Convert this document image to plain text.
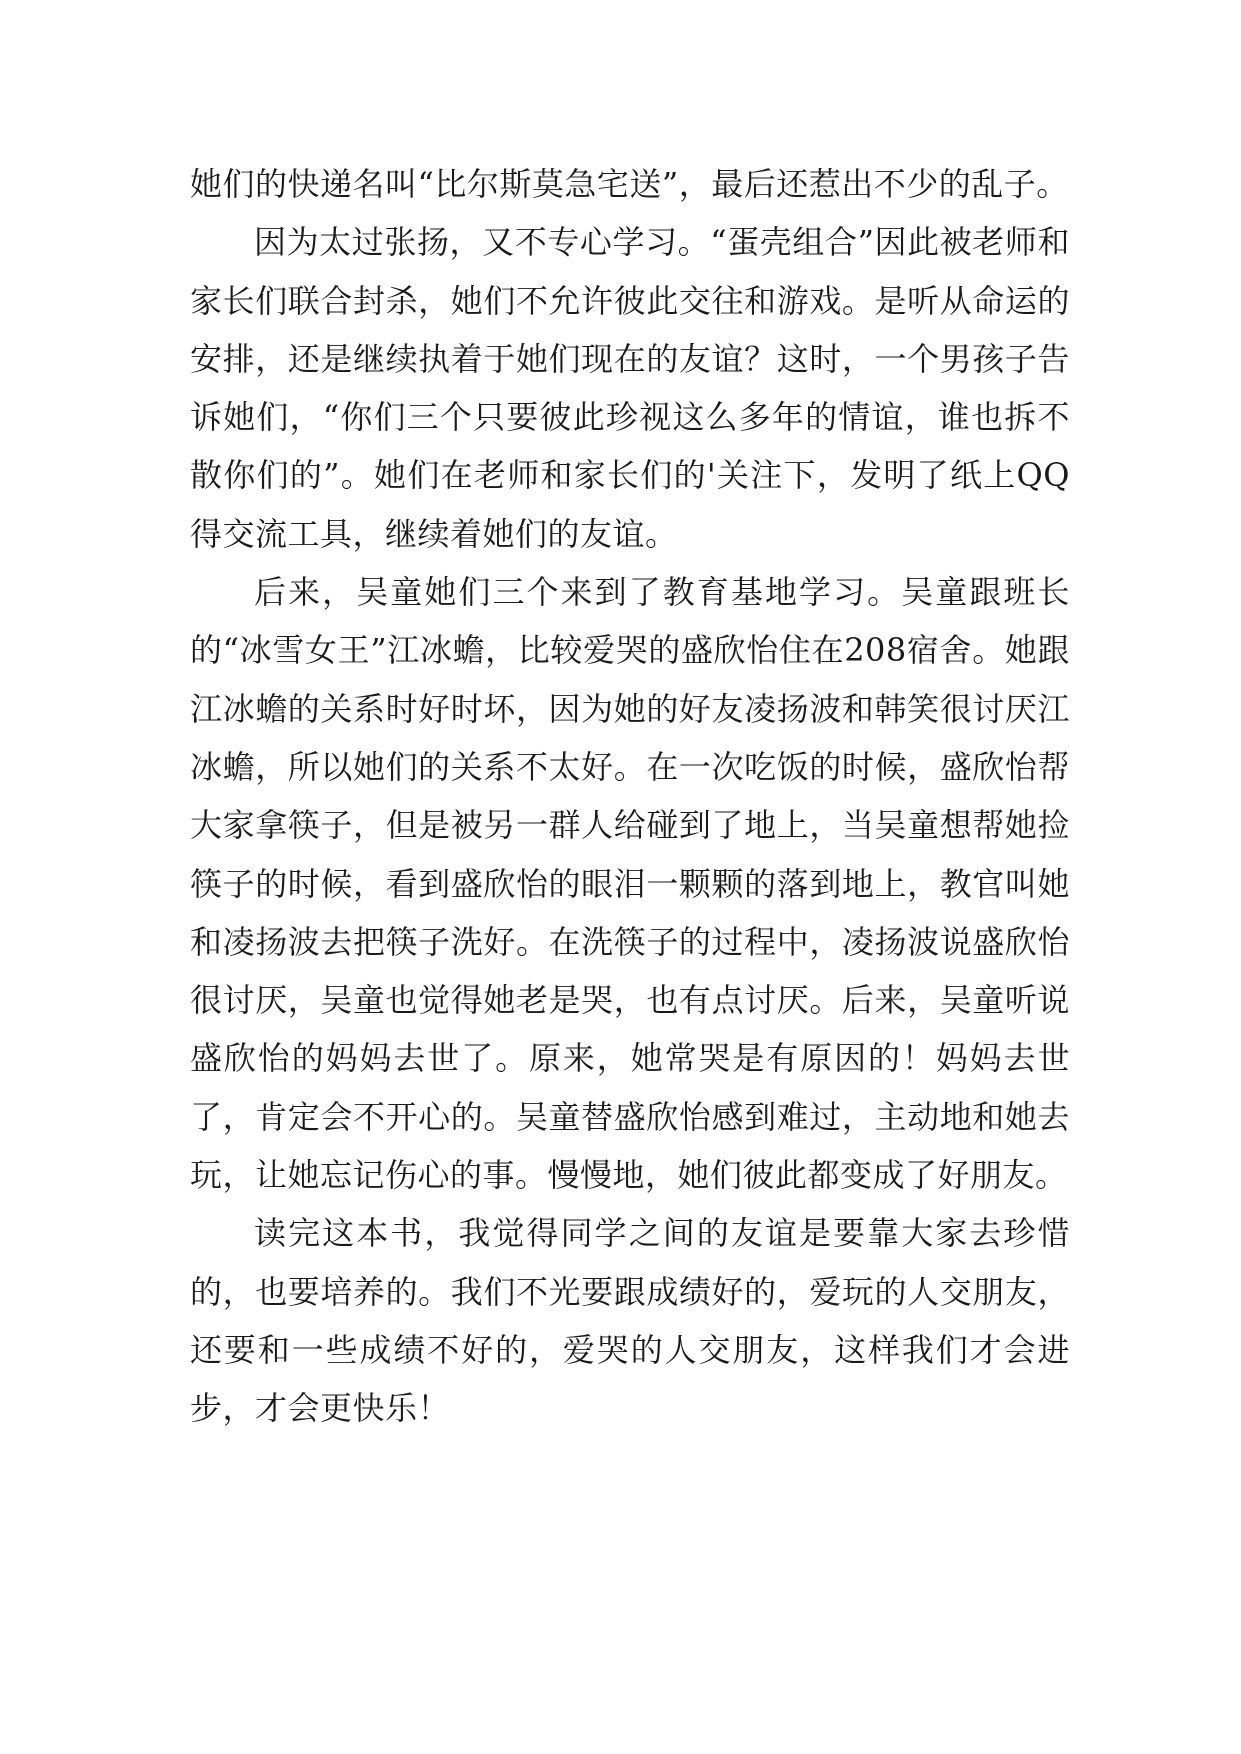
她们的快递名叫“比尔斯莫急宅送”，最后还惹出不少的乱子。

因为太过张扬，又不专心学习。“蛋壳组合”因此被老师和家长们联合封杀，她们不允许彼此交往和游戏。是听从命运的安排，还是继续执着于她们现在的友谊？这时，一个男孩子告诉她们，“你们三个只要彼此珍视这么多年的情谊，谁也拆不散你们的”。她们在老师和家长们的'关注下，发明了纸上QQ得交流工具，继续着她们的友谊。

后来，吴童她们三个来到了教育基地学习。吴童跟班长的“冰雪女王”江冰蟾，比较爱哭的盛欣怡住在208宿舍。她跟江冰蟾的关系时好时坏，因为她的好友凌扬波和韩笑很讨厌江冰蟾，所以她们的关系不太好。在一次吃饭的时候，盛欣怡帮大家拿筷子，但是被另一群人给碰到了地上，当吴童想帮她捡筷子的时候，看到盛欣怡的眼泪一颗颗的落到地上，教官叫她和凌扬波去把筷子洗好。在洗筷子的过程中，凌扬波说盛欣怡很讨厌，吴童也觉得她老是哭，也有点讨厌。后来，吴童听说盛欣怡的妈妈去世了。原来，她常哭是有原因的！妈妈去世了，肯定会不开心的。吴童替盛欣怡感到难过，主动地和她去玩，让她忘记伤心的事。慢慢地，她们彼此都变成了好朋友。

读完这本书，我觉得同学之间的友谊是要靠大家去珍惜的，也要培养的。我们不光要跟成绩好的，爱玩的人交朋友，还要和一些成绩不好的，爱哭的人交朋友，这样我们才会进步，才会更快乐！
